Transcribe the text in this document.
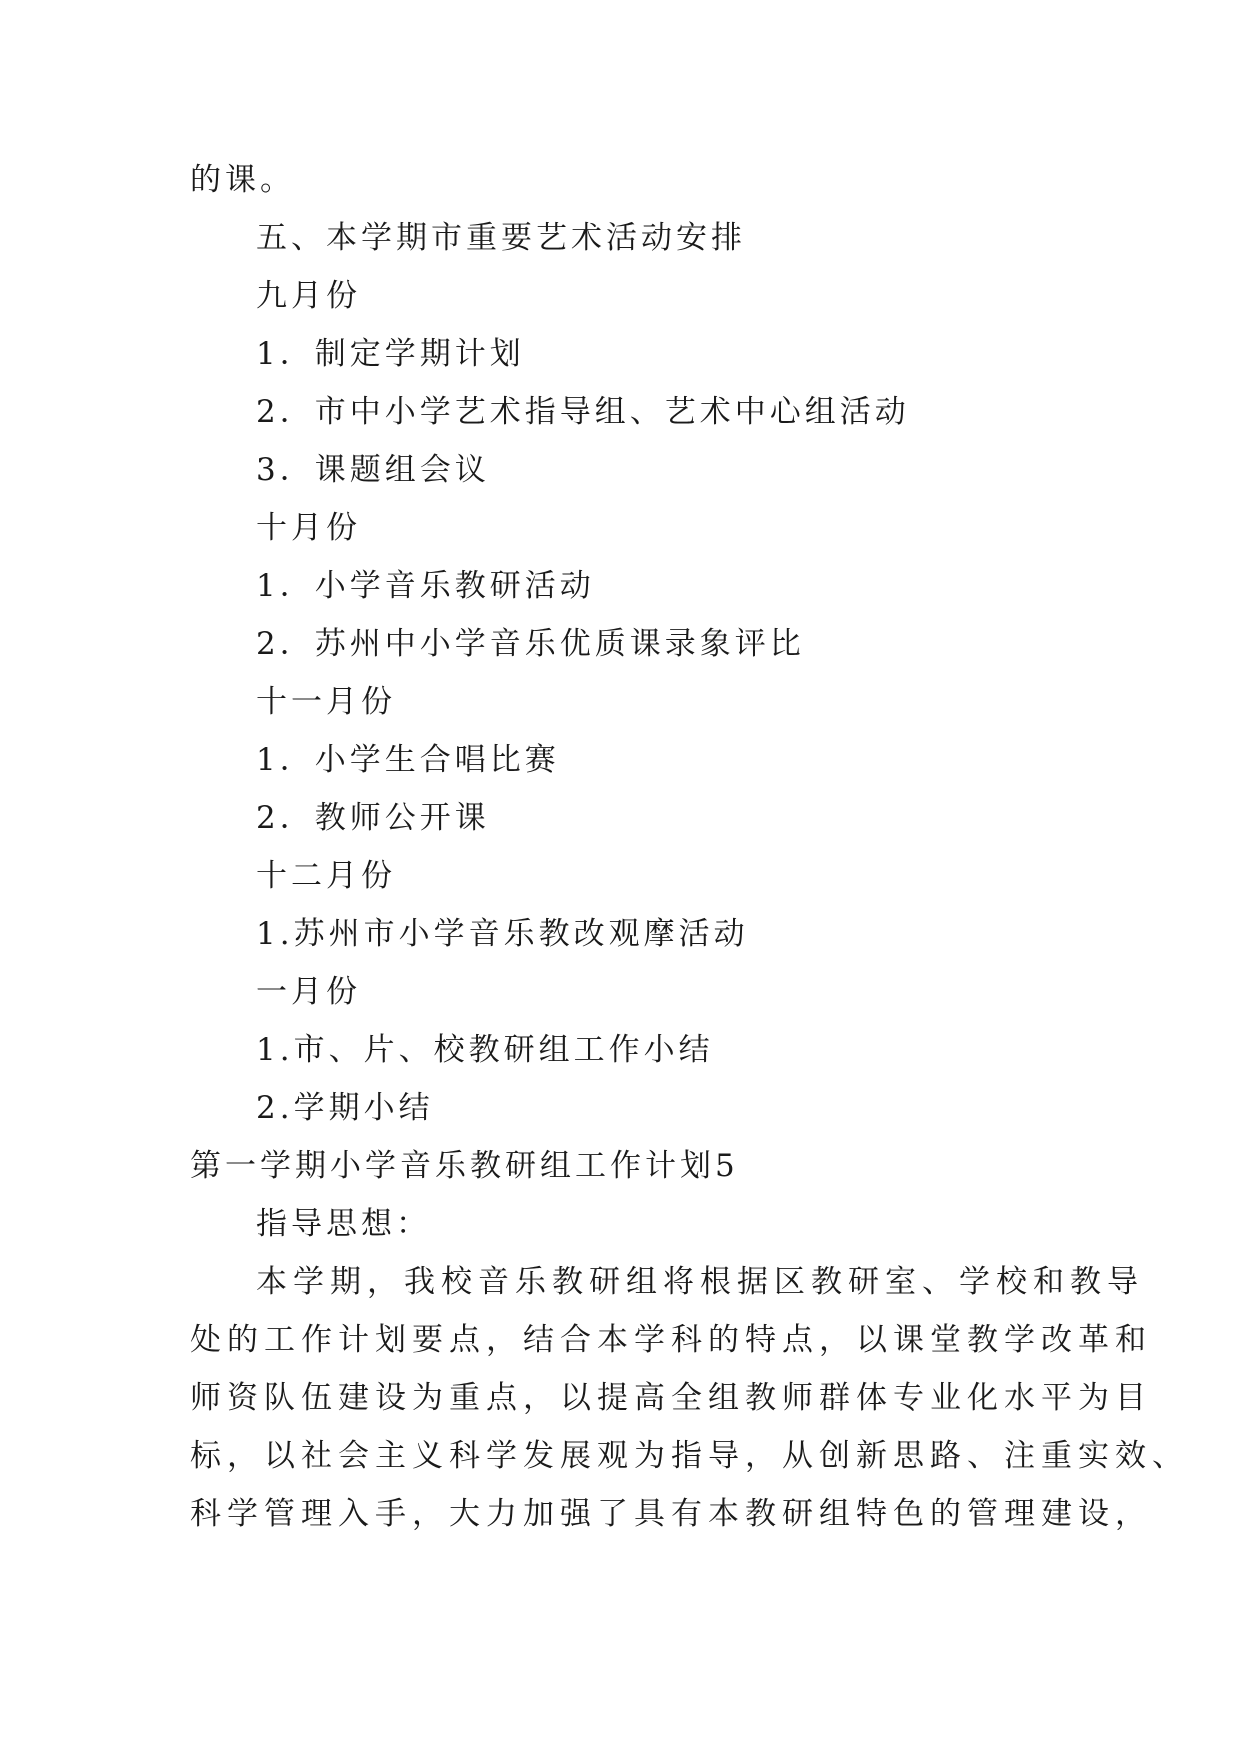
的课。
五、本学期市重要艺术活动安排
九月份
1．制定学期计划
2．市中小学艺术指导组、艺术中心组活动
3．课题组会议
十月份
1．小学音乐教研活动
2．苏州中小学音乐优质课录象评比
十一月份
1．小学生合唱比赛
2．教师公开课
十二月份
1.苏州市小学音乐教改观摩活动
一月份
1.市、片、校教研组工作小结
2.学期小结
第一学期小学音乐教研组工作计划5
指导思想：
本学期，我校音乐教研组将根据区教研室、学校和教导
处的工作计划要点，结合本学科的特点，以课堂教学改革和
师资队伍建设为重点，以提高全组教师群体专业化水平为目
标，以社会主义科学发展观为指导，从创新思路、注重实效、
科学管理入手，大力加强了具有本教研组特色的管理建设，
